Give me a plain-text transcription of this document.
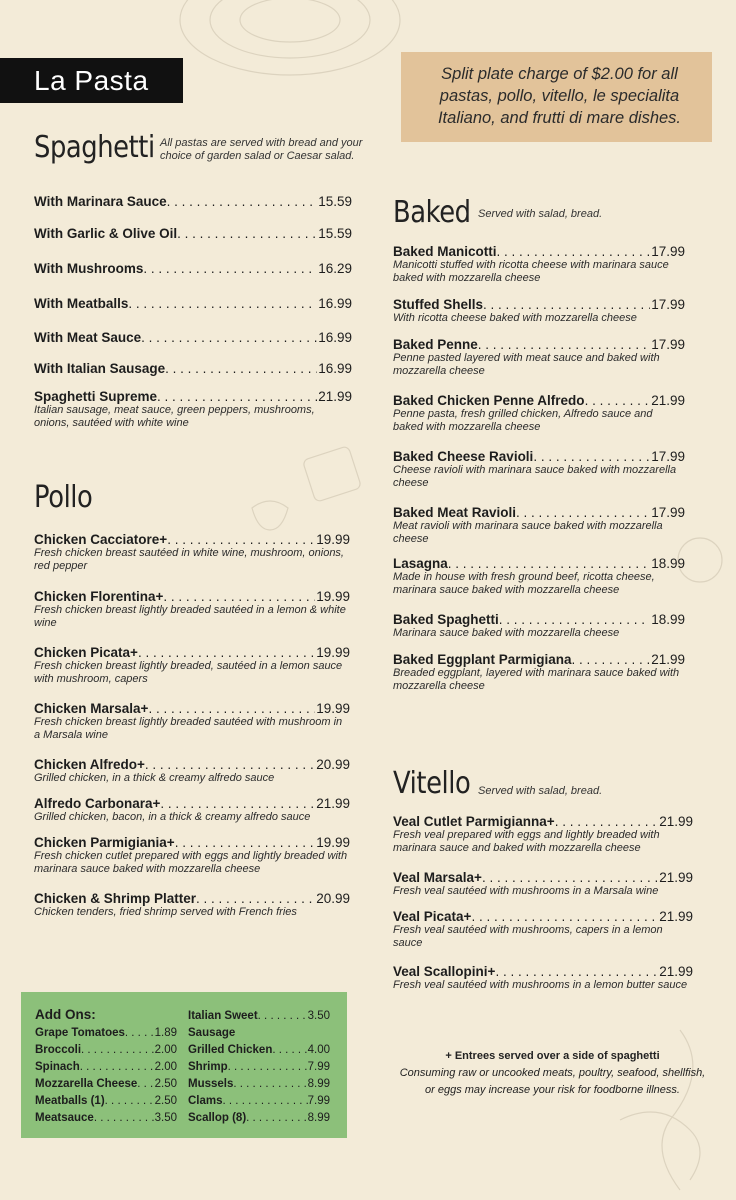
La Pasta	Split plate charge of $2.00 for all pastas, pollo, vitello, le specialita Italiano, and frutti di mare dishes.
Spaghetti All pastas are served with bread and your choice of garden salad or Caesar salad.
With Marinara Sauce . . .	15.59
With Garlic & Olive Oil . . .	15.59
With Mushrooms . . .	16.29
With Meatballs . . .	16.99
With Meat Sauce . . .	16.99
With Italian Sausage . . .	16.99
Spaghetti Supreme . . .	21.99
Italian sausage, meat sauce, green peppers, mushrooms, onions, sautéed with white wine
Pollo
Chicken Cacciatore+ . . .	19.99
Fresh chicken breast sautéed in white wine, mushroom, onions, red pepper
Chicken Florentina+ . . .	19.99
Fresh chicken breast lightly breaded sautéed in a lemon & white wine
Chicken Picata+ . . .	19.99
Fresh chicken breast lightly breaded, sautéed in a lemon sauce with mushroom, capers
Chicken Marsala+ . . .	19.99
Fresh chicken breast lightly breaded sautéed with mushroom in a Marsala wine
Chicken Alfredo+ . . .	20.99
Grilled chicken, in a thick & creamy alfredo sauce
Alfredo Carbonara+ . . .	21.99
Grilled chicken, bacon, in a thick & creamy alfredo sauce
Chicken Parmigiania+ . . .	19.99
Fresh chicken cutlet prepared with eggs and lightly breaded with marinara sauce baked with mozzarella cheese
Chicken & Shrimp Platter . . .	20.99
Chicken tenders, fried shrimp served with French fries
Baked Served with salad, bread.
Baked Manicotti . . .	17.99
Manicotti stuffed with ricotta cheese with marinara sauce baked with mozzarella cheese
Stuffed Shells . . .	17.99
With ricotta cheese baked with mozzarella cheese
Baked Penne . . .	17.99
Penne pasted layered with meat sauce and baked with mozzarella cheese
Baked Chicken Penne Alfredo . . .	21.99
Penne pasta, fresh grilled chicken, Alfredo sauce and baked with mozzarella cheese
Baked Cheese Ravioli . . .	17.99
Cheese ravioli with marinara sauce baked with mozzarella cheese
Baked Meat Ravioli . . .	17.99
Meat ravioli with marinara sauce baked with mozzarella cheese
Lasagna . . .	18.99
Made in house with fresh ground beef, ricotta cheese, marinara sauce baked with mozzarella cheese
Baked Spaghetti . . .	18.99
Marinara sauce baked with mozzarella cheese
Baked Eggplant Parmigiana . . .	21.99
Breaded eggplant, layered with marinara sauce baked with mozzarella cheese
Vitello Served with salad, bread.
Veal Cutlet Parmigianna+ . . .	21.99
Fresh veal prepared with eggs and lightly breaded with marinara sauce and baked with mozzarella cheese
Veal Marsala+ . . .	21.99
Fresh veal sautéed with mushrooms in a Marsala wine
Veal Picata+ . . .	21.99
Fresh veal sautéed with mushrooms, capers in a lemon sauce
Veal Scallopini+ . . .	21.99
Fresh veal sautéed with mushrooms in a lemon butter sauce
Add Ons:
Grape Tomatoes . . .	1.89
Broccoli . . .	2.00
Spinach . . .	2.00
Mozzarella Cheese . . . 2.50
Meatballs (1) . . .	2.50
Meatsauce . . .	3.50
Italian Sweet . . .	3.50
Sausage
Grilled Chicken . . .	4.00
Shrimp . . .	7.99
Mussels . . .	8.99
Clams . . .	7.99
Scallop (8) . . .	8.99
+ Entrees served over a side of spaghetti
Consuming raw or uncooked meats, poultry, seafood, shellfish, or eggs may increase your risk for foodborne illness.
